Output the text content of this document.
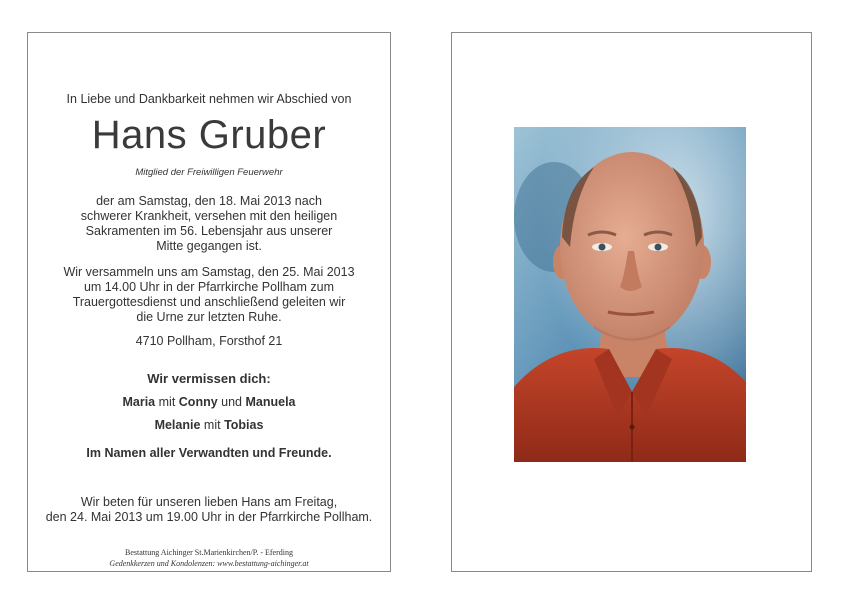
In Liebe und Dankbarkeit nehmen wir Abschied von
Hans Gruber
Mitglied der Freiwilligen Feuerwehr
der am Samstag, den 18. Mai 2013 nach
schwerer Krankheit, versehen mit den heiligen
Sakramenten im 56. Lebensjahr aus unserer
Mitte gegangen ist.
Wir versammeln uns am Samstag, den 25. Mai 2013
um 14.00 Uhr in der Pfarrkirche Pollham zum
Trauergottesdienst und anschließend geleiten wir
die Urne zur letzten Ruhe.
4710 Pollham, Forsthof 21
Wir vermissen dich:
Maria mit Conny und Manuela
Melanie mit Tobias
Im Namen aller Verwandten und Freunde.
Wir beten für unseren lieben Hans am Freitag,
den 24. Mai 2013 um 19.00 Uhr in der Pfarrkirche Pollham.
Bestattung Aichinger St.Marienkirchen/P. - Eferding
Gedenkkerzen und Kondolenzen: www.bestattung-aichinger.at
